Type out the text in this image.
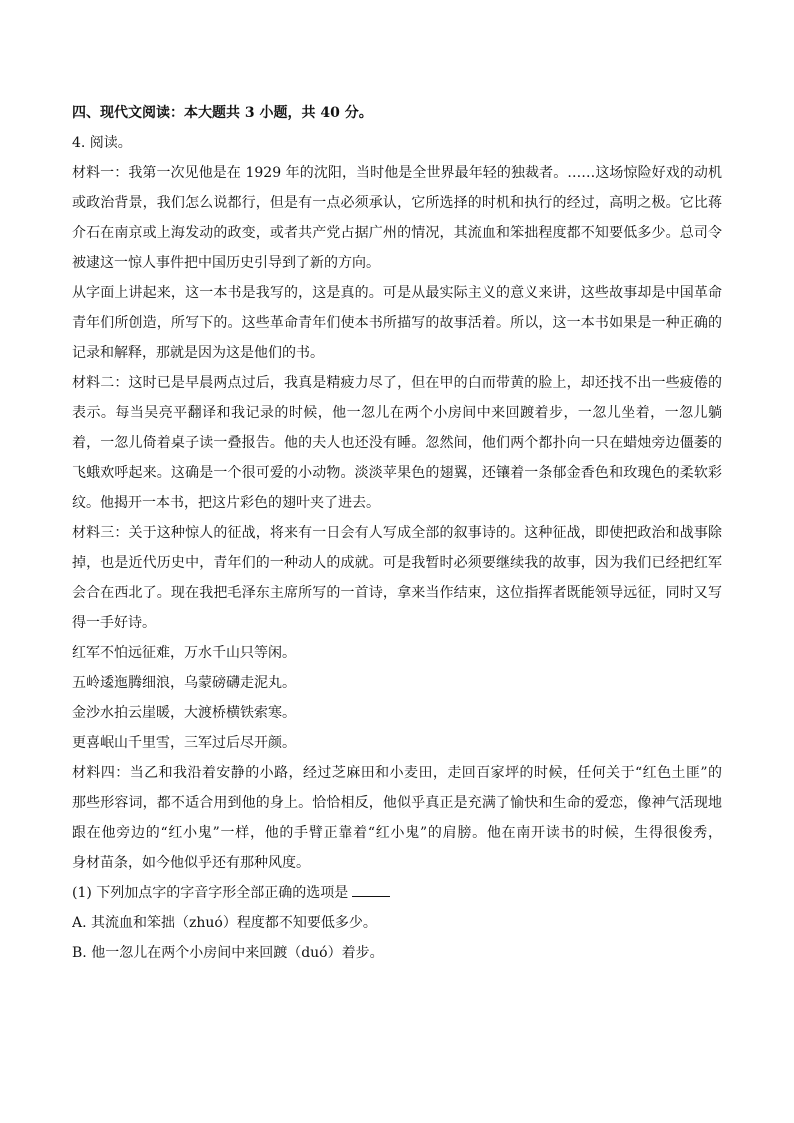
四、现代文阅读：本大题共 3 小题，共 40 分。
4. 阅读。
材料一：我第一次见他是在 1929 年的沈阳，当时他是全世界最年轻的独裁者。……这场惊险好戏的动机
或政治背景，我们怎么说都行，但是有一点必须承认，它所选择的时机和执行的经过，高明之极。它比蒋
介石在南京或上海发动的政变，或者共产党占据广州的情况，其流血和笨拙程度都不知要低多少。总司令
被逮这一惊人事件把中国历史引导到了新的方向。
从字面上讲起来，这一本书是我写的，这是真的。可是从最实际主义的意义来讲，这些故事却是中国革命
青年们所创造，所写下的。这些革命青年们使本书所描写的故事活着。所以，这一本书如果是一种正确的
记录和解释，那就是因为这是他们的书。
材料二：这时已是早晨两点过后，我真是精疲力尽了，但在甲的白而带黄的脸上，却还找不出一些疲倦的
表示。每当吴亮平翻译和我记录的时候，他一忽儿在两个小房间中来回踱着步，一忽儿坐着，一忽儿躺
着，一忽儿倚着桌子读一叠报告。他的夫人也还没有睡。忽然间，他们两个都扑向一只在蜡烛旁边僵萎的
飞蛾欢呼起来。这确是一个很可爱的小动物。淡淡苹果色的翅翼，还镶着一条郁金香色和玫瑰色的柔软彩
纹。他揭开一本书，把这片彩色的翅叶夹了进去。
材料三：关于这种惊人的征战，将来有一日会有人写成全部的叙事诗的。这种征战，即使把政治和战事除
掉，也是近代历史中，青年们的一种动人的成就。可是我暂时必须要继续我的故事，因为我们已经把红军
会合在西北了。现在我把毛泽东主席所写的一首诗，拿来当作结束，这位指挥者既能领导远征，同时又写
得一手好诗。
红军不怕远征难，万水千山只等闲。
五岭逶迤腾细浪，乌蒙磅礴走泥丸。
金沙水拍云崖暖，大渡桥横铁索寒。
更喜岷山千里雪，三军过后尽开颜。
材料四：当乙和我沿着安静的小路，经过芝麻田和小麦田，走回百家坪的时候，任何关于“红色土匪”的
那些形容词，都不适合用到他的身上。恰恰相反，他似乎真正是充满了愉快和生命的爱恋，像神气活现地
跟在他旁边的“红小鬼”一样，他的手臂正靠着“红小鬼”的肩膀。他在南开读书的时候，生得很俊秀，
身材苗条，如今他似乎还有那种风度。
(1) 下列加点字的字音字形全部正确的选项是
A. 其流血和笨拙（zhuó）程度都不知要低多少。
B. 他一忽儿在两个小房间中来回踱（duó）着步。
